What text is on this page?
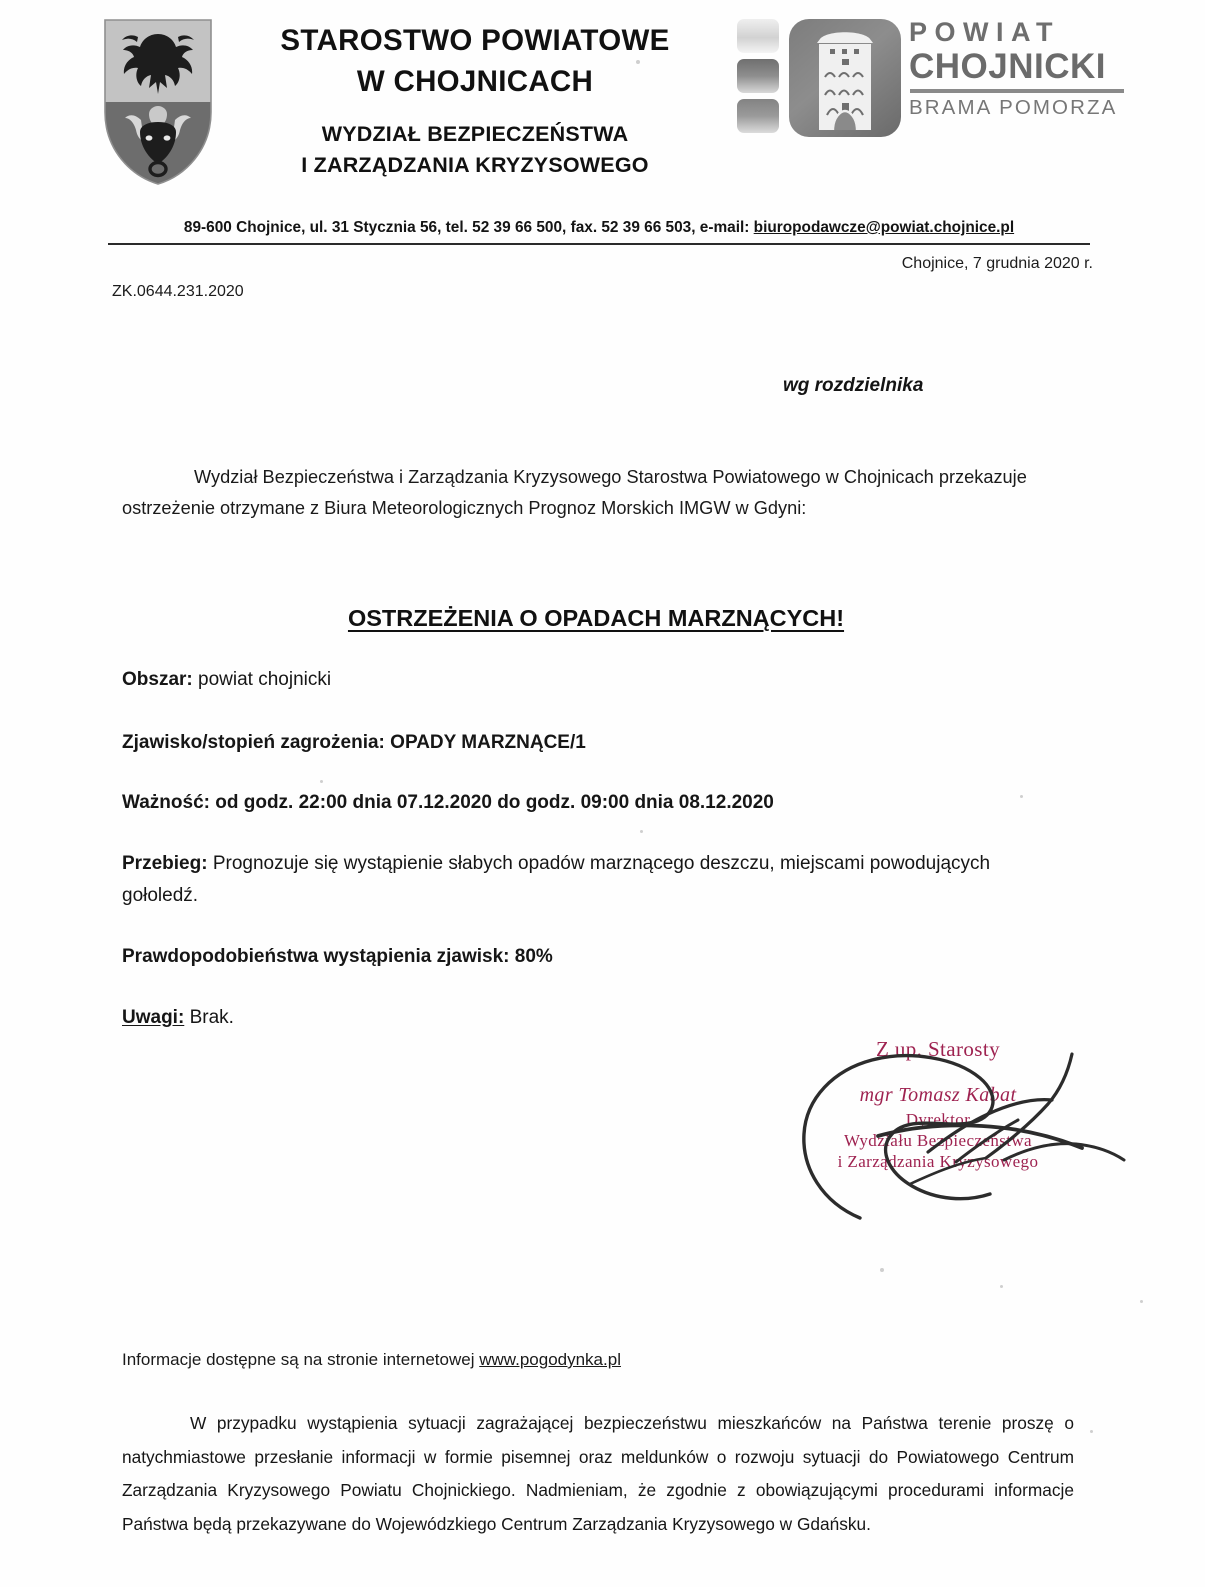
STAROSTWO POWIATOWE
W CHOJNICACH
WYDZIAŁ BEZPIECZEŃSTWA
I ZARZĄDZANIA KRYZYSOWEGO
POWIAT
CHOJNICKI
BRAMA POMORZA
89-600 Chojnice, ul. 31 Stycznia 56, tel. 52 39 66 500, fax. 52 39 66 503, e-mail: biuropodawcze@powiat.chojnice.pl
Chojnice, 7 grudnia 2020 r.
ZK.0644.231.2020
wg rozdzielnika
Wydział Bezpieczeństwa i Zarządzania Kryzysowego Starostwa Powiatowego w Chojnicach przekazuje ostrzeżenie otrzymane z Biura Meteorologicznych Prognoz Morskich IMGW w Gdyni:
OSTRZEŻENIA O OPADACH MARZNĄCYCH!
Obszar: powiat chojnicki
Zjawisko/stopień zagrożenia: OPADY MARZNĄCE/1
Ważność: od godz. 22:00 dnia 07.12.2020 do godz. 09:00 dnia 08.12.2020
Przebieg: Prognozuje się wystąpienie słabych opadów marznącego deszczu, miejscami powodujących gołoledź.
Prawdopodobieństwa wystąpienia zjawisk: 80%
Uwagi: Brak.
Z up. Starosty
mgr Tomasz Kabat
Dyrektor
Wydziału Bezpieczeństwa
i Zarządzania Kryzysowego
Informacje dostępne są na stronie internetowej www.pogodynka.pl
W przypadku wystąpienia sytuacji zagrażającej bezpieczeństwu mieszkańców na Państwa terenie proszę o natychmiastowe przesłanie informacji w formie pisemnej oraz meldunków o rozwoju sytuacji do Powiatowego Centrum Zarządzania Kryzysowego Powiatu Chojnickiego. Nadmieniam, że zgodnie z obowiązującymi procedurami informacje Państwa będą przekazywane do Wojewódzkiego Centrum Zarządzania Kryzysowego w Gdańsku.
